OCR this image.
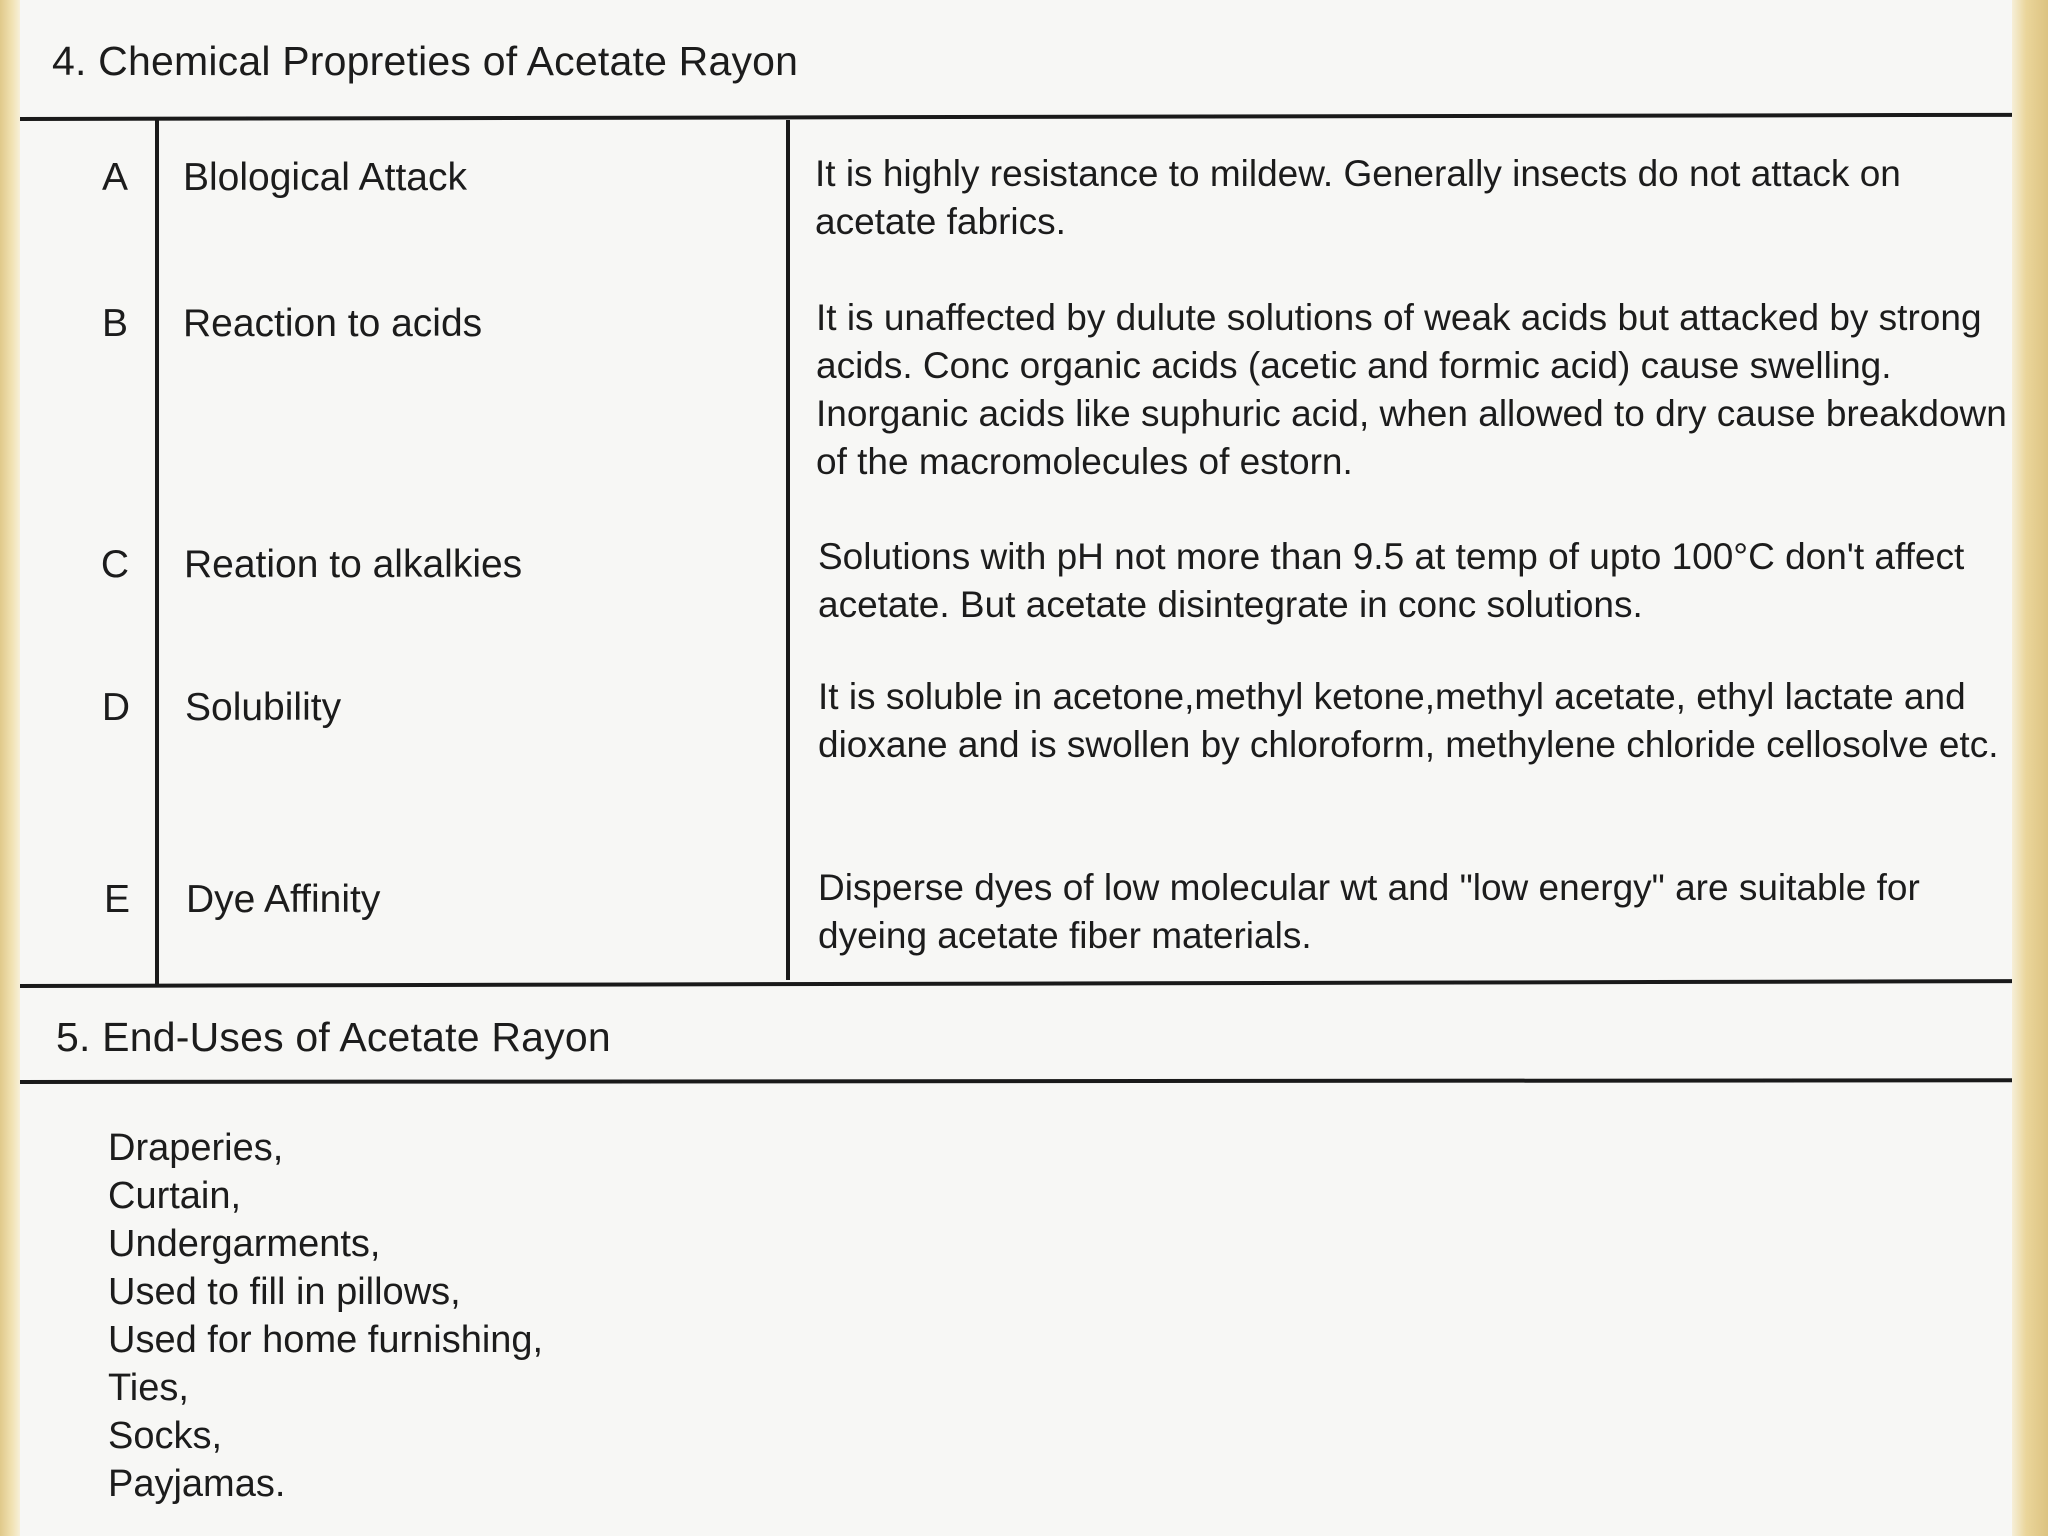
4. Chemical Propreties of Acetate Rayon
A	Blological Attack	It is highly resistance to mildew. Generally insects do not attack on acetate fabrics.
B	Reaction to acids	It is unaffected by dulute solutions of weak acids but attacked by strong acids. Conc organic acids (acetic and formic acid) cause swelling. Inorganic acids like suphuric acid, when allowed to dry cause breakdown of the macromolecules of estorn.
C	Reation to alkalkies	Solutions with pH not more than 9.5 at temp of upto 100°C don't affect acetate. But acetate disintegrate in conc solutions.
D	Solubility	It is soluble in acetone,methyl ketone,methyl acetate, ethyl lactate and dioxane and is swollen by chloroform, methylene chloride cellosolve etc.
E	Dye Affinity	Disperse dyes of low molecular wt and "low energy" are suitable for dyeing acetate fiber materials.
5. End-Uses of Acetate Rayon
Draperies,
Curtain,
Undergarments,
Used to fill in pillows,
Used for home furnishing,
Ties,
Socks,
Payjamas.
